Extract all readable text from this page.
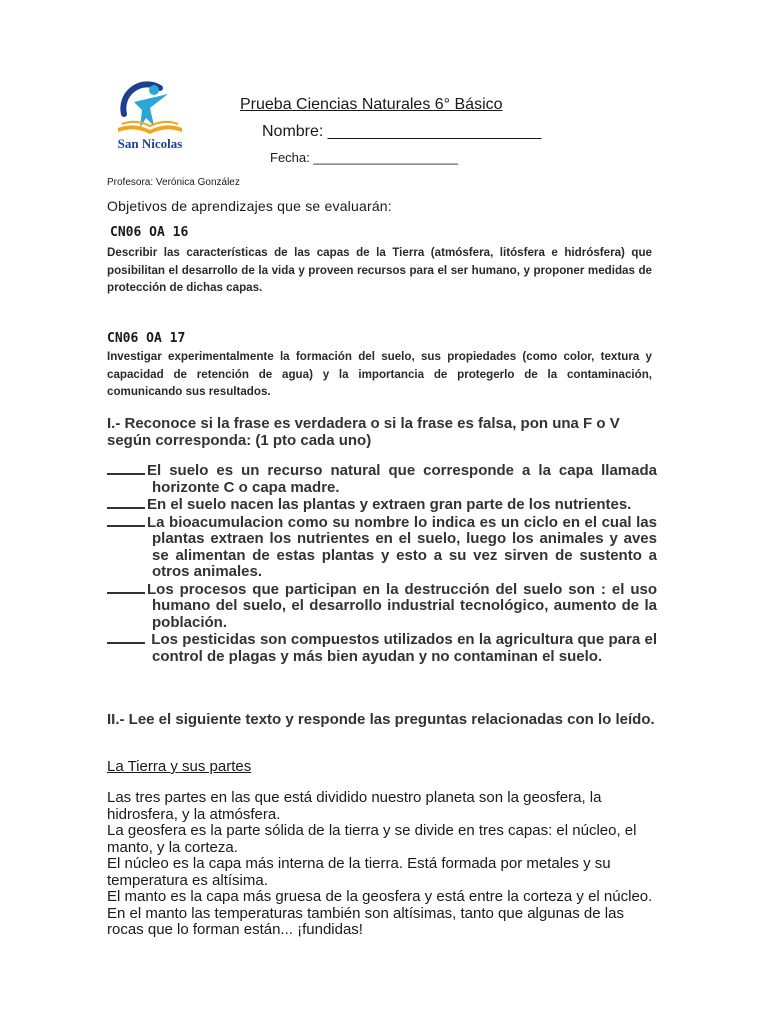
San Nicolas
Prueba Ciencias Naturales 6° Básico
Nombre: ________________________
Fecha: ____________________
Profesora: Verónica González
Objetivos de aprendizajes que se evaluarán:
CN06 OA 16
Describir las características de las capas de la Tierra (atmósfera, litósfera e hidrósfera) que posibilitan el desarrollo de la vida y proveen recursos para el ser humano, y proponer medidas de protección de dichas capas.
CN06 OA 17
Investigar experimentalmente la formación del suelo, sus propiedades (como color, textura y capacidad de retención de agua) y la importancia de protegerlo de la contaminación, comunicando sus resultados.
I.- Reconoce si la frase es verdadera o si la frase es falsa, pon una F o V según corresponda: (1 pto cada uno)
El suelo es un recurso natural que corresponde a la capa llamada horizonte C o capa madre.
En el suelo nacen las plantas y extraen gran parte de los nutrientes.
La bioacumulacion como su nombre lo indica es un ciclo en el cual las plantas extraen los nutrientes en el suelo, luego los animales y aves se alimentan de estas plantas y esto a su vez sirven de sustento a otros animales.
Los procesos que participan en la destrucción del suelo son : el uso humano del suelo, el desarrollo industrial tecnológico, aumento de la población.
Los pesticidas son compuestos utilizados en la agricultura que para el control de plagas y más bien ayudan y no contaminan el suelo.
II.- Lee el siguiente texto y responde las preguntas relacionadas con lo leído.
La Tierra y sus partes

Las tres partes en las que está dividido nuestro planeta son la geosfera, la hidrosfera, y la atmósfera.

La geosfera es la parte sólida de la tierra y se divide en tres capas: el núcleo, el manto, y la corteza.

El núcleo es la capa más interna de la tierra. Está formada por metales y su temperatura es altísima.

El manto es la capa más gruesa de la geosfera y está entre la corteza y el núcleo. En el manto las temperaturas también son altísimas, tanto que algunas de las rocas que lo forman están... ¡fundidas!
